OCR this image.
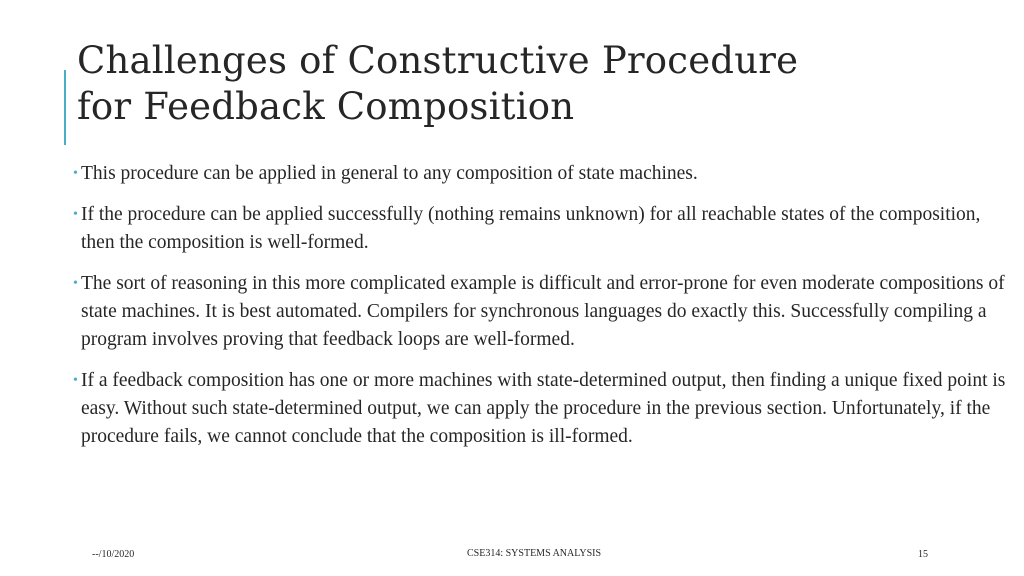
Challenges of Constructive Procedure
for Feedback Composition
• This procedure can be applied in general to any composition of state machines.
• If the procedure can be applied successfully (nothing remains unknown) for all reachable states of the composition, then the composition is well-formed.
• The sort of reasoning in this more complicated example is difficult and error-prone for even moderate compositions of state machines. It is best automated. Compilers for synchronous languages do exactly this. Successfully compiling a program involves proving that feedback loops are well-formed.
• If a feedback composition has one or more machines with state-determined output, then finding a unique fixed point is easy. Without such state-determined output, we can apply the procedure in the previous section. Unfortunately, if the procedure fails, we cannot conclude that the composition is ill-formed.
--/10/2020	CSE314: SYSTEMS ANALYSIS	15
